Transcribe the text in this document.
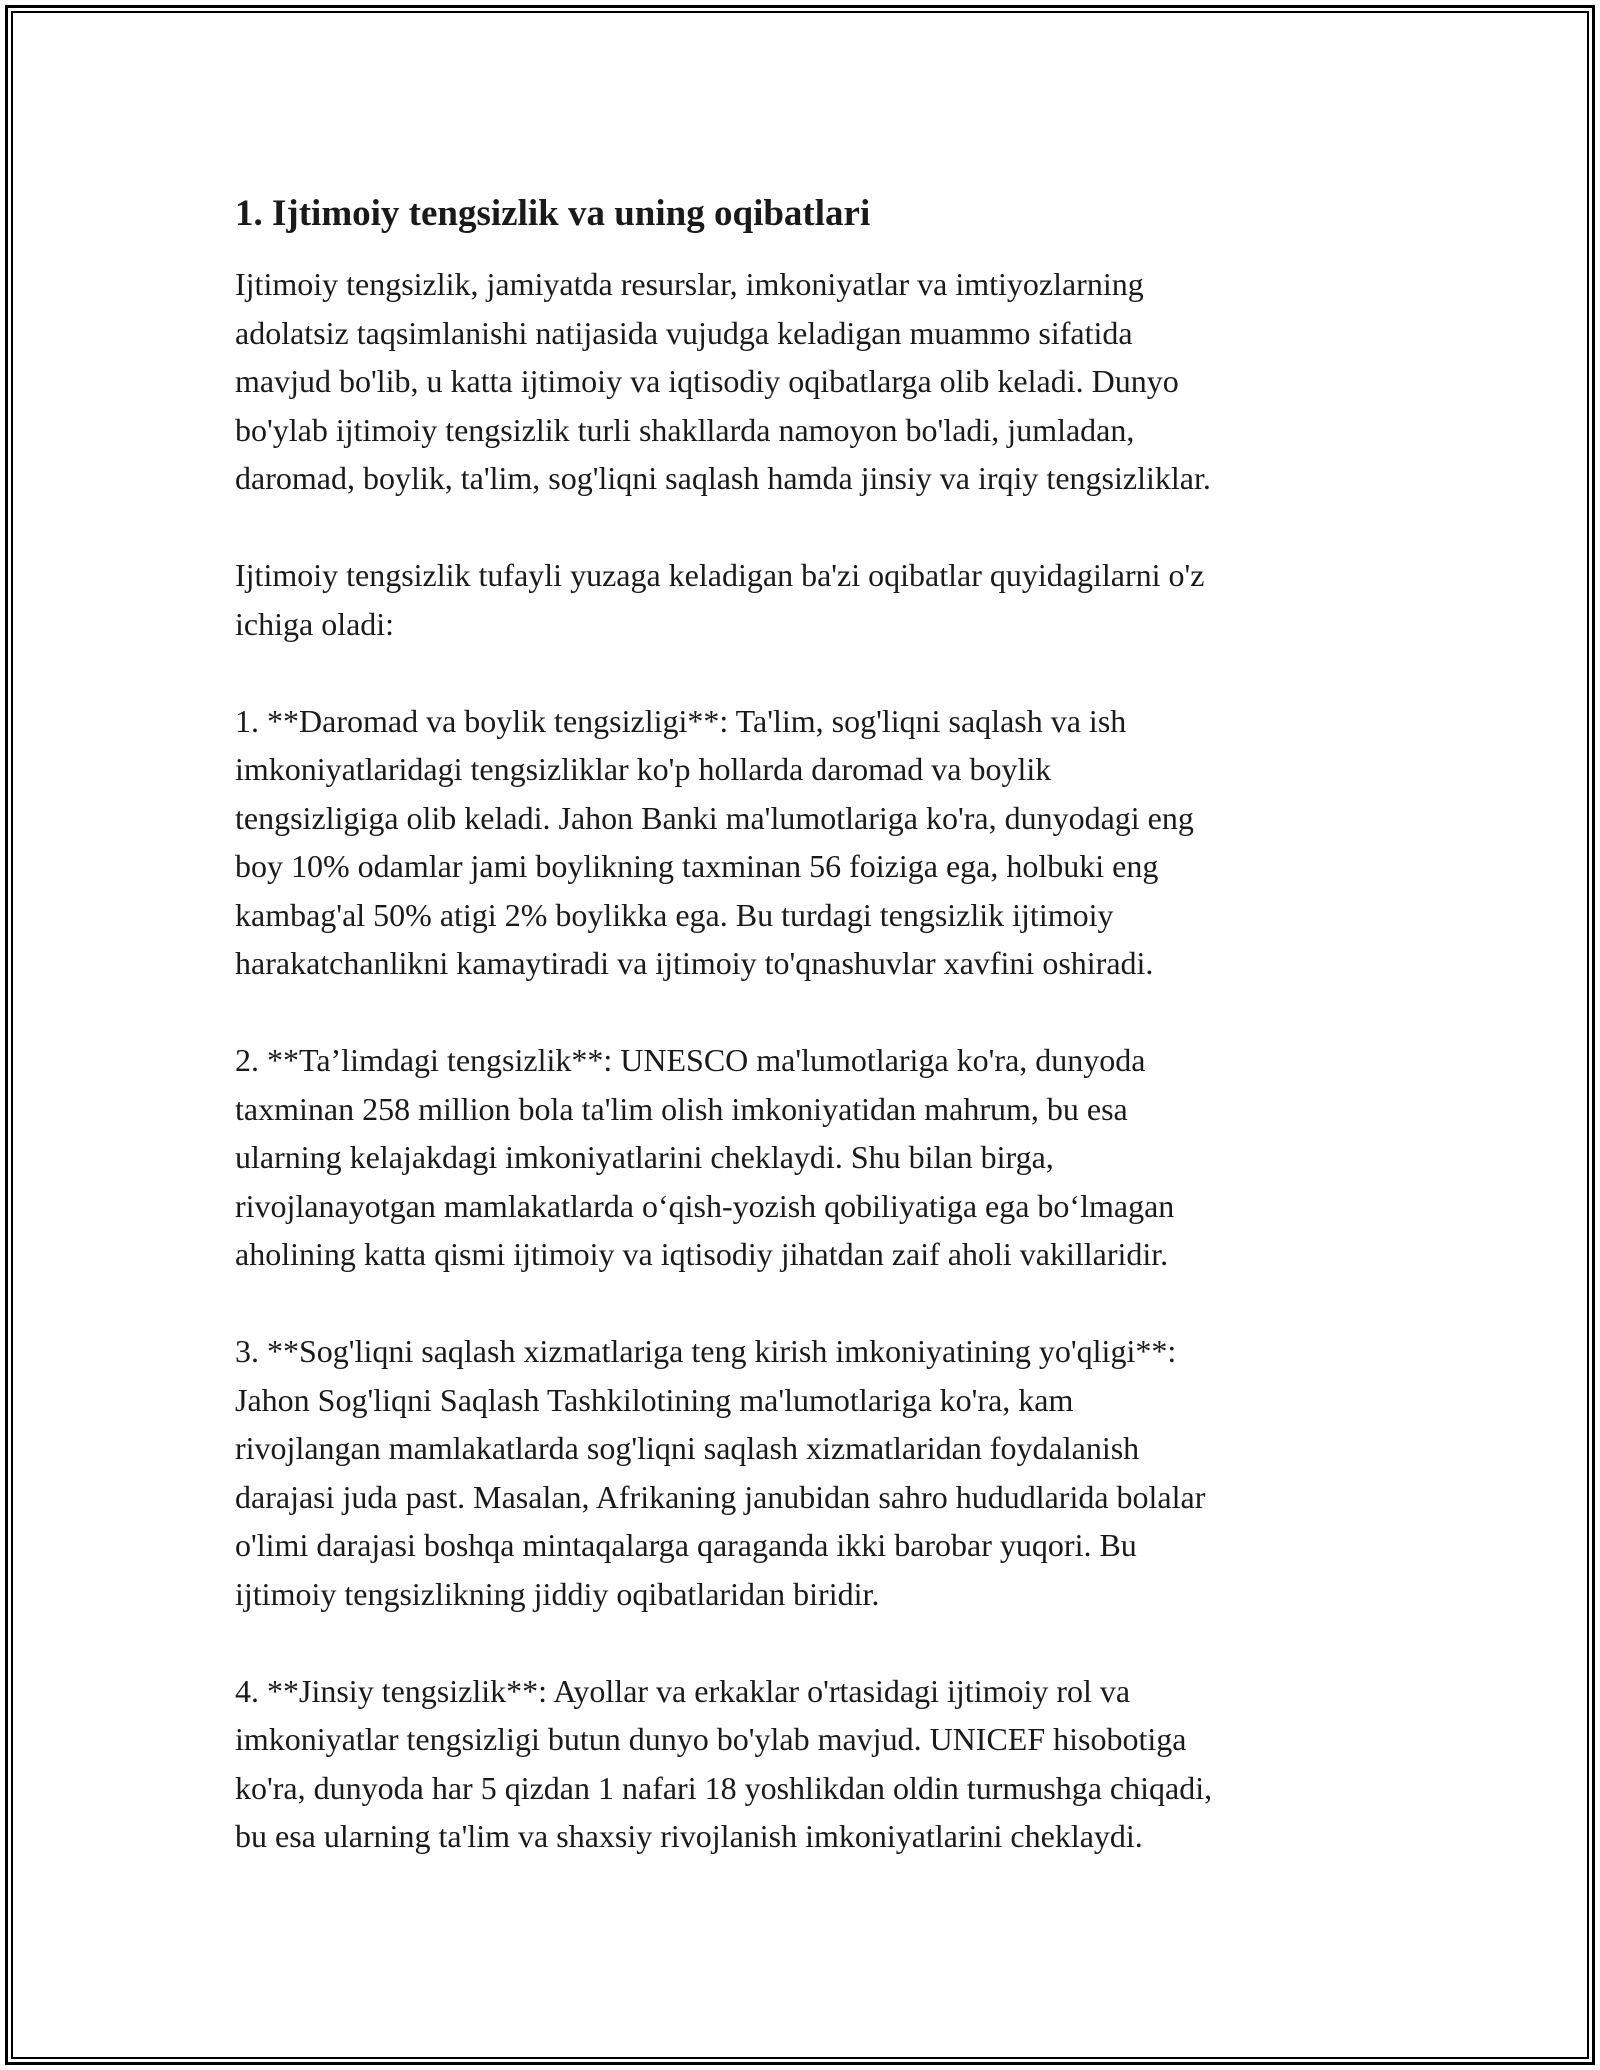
1. Ijtimoiy tengsizlik va uning oqibatlari

Ijtimoiy tengsizlik, jamiyatda resurslar, imkoniyatlar va imtiyozlarning
adolatsiz taqsimlanishi natijasida vujudga keladigan muammo sifatida
mavjud bo'lib, u katta ijtimoiy va iqtisodiy oqibatlarga olib keladi. Dunyo
bo'ylab ijtimoiy tengsizlik turli shakllarda namoyon bo'ladi, jumladan,
daromad, boylik, ta'lim, sog'liqni saqlash hamda jinsiy va irqiy tengsizliklar.

Ijtimoiy tengsizlik tufayli yuzaga keladigan ba'zi oqibatlar quyidagilarni o'z
ichiga oladi:

1. **Daromad va boylik tengsizligi**: Ta'lim, sog'liqni saqlash va ish
imkoniyatlaridagi tengsizliklar ko'p hollarda daromad va boylik
tengsizligiga olib keladi. Jahon Banki ma'lumotlariga ko'ra, dunyodagi eng
boy 10% odamlar jami boylikning taxminan 56 foiziga ega, holbuki eng
kambag'al 50% atigi 2% boylikka ega. Bu turdagi tengsizlik ijtimoiy
harakatchanlikni kamaytiradi va ijtimoiy to'qnashuvlar xavfini oshiradi.

2. **Ta’limdagi tengsizlik**: UNESCO ma'lumotlariga ko'ra, dunyoda
taxminan 258 million bola ta'lim olish imkoniyatidan mahrum, bu esa
ularning kelajakdagi imkoniyatlarini cheklaydi. Shu bilan birga,
rivojlanayotgan mamlakatlarda o‘qish-yozish qobiliyatiga ega bo‘lmagan
aholining katta qismi ijtimoiy va iqtisodiy jihatdan zaif aholi vakillaridir.

3. **Sog'liqni saqlash xizmatlariga teng kirish imkoniyatining yo'qligi**:
Jahon Sog'liqni Saqlash Tashkilotining ma'lumotlariga ko'ra, kam
rivojlangan mamlakatlarda sog'liqni saqlash xizmatlaridan foydalanish
darajasi juda past. Masalan, Afrikaning janubidan sahro hududlarida bolalar
o'limi darajasi boshqa mintaqalarga qaraganda ikki barobar yuqori. Bu
ijtimoiy tengsizlikning jiddiy oqibatlaridan biridir.

4. **Jinsiy tengsizlik**: Ayollar va erkaklar o'rtasidagi ijtimoiy rol va
imkoniyatlar tengsizligi butun dunyo bo'ylab mavjud. UNICEF hisobotiga
ko'ra, dunyoda har 5 qizdan 1 nafari 18 yoshlikdan oldin turmushga chiqadi,
bu esa ularning ta'lim va shaxsiy rivojlanish imkoniyatlarini cheklaydi.
